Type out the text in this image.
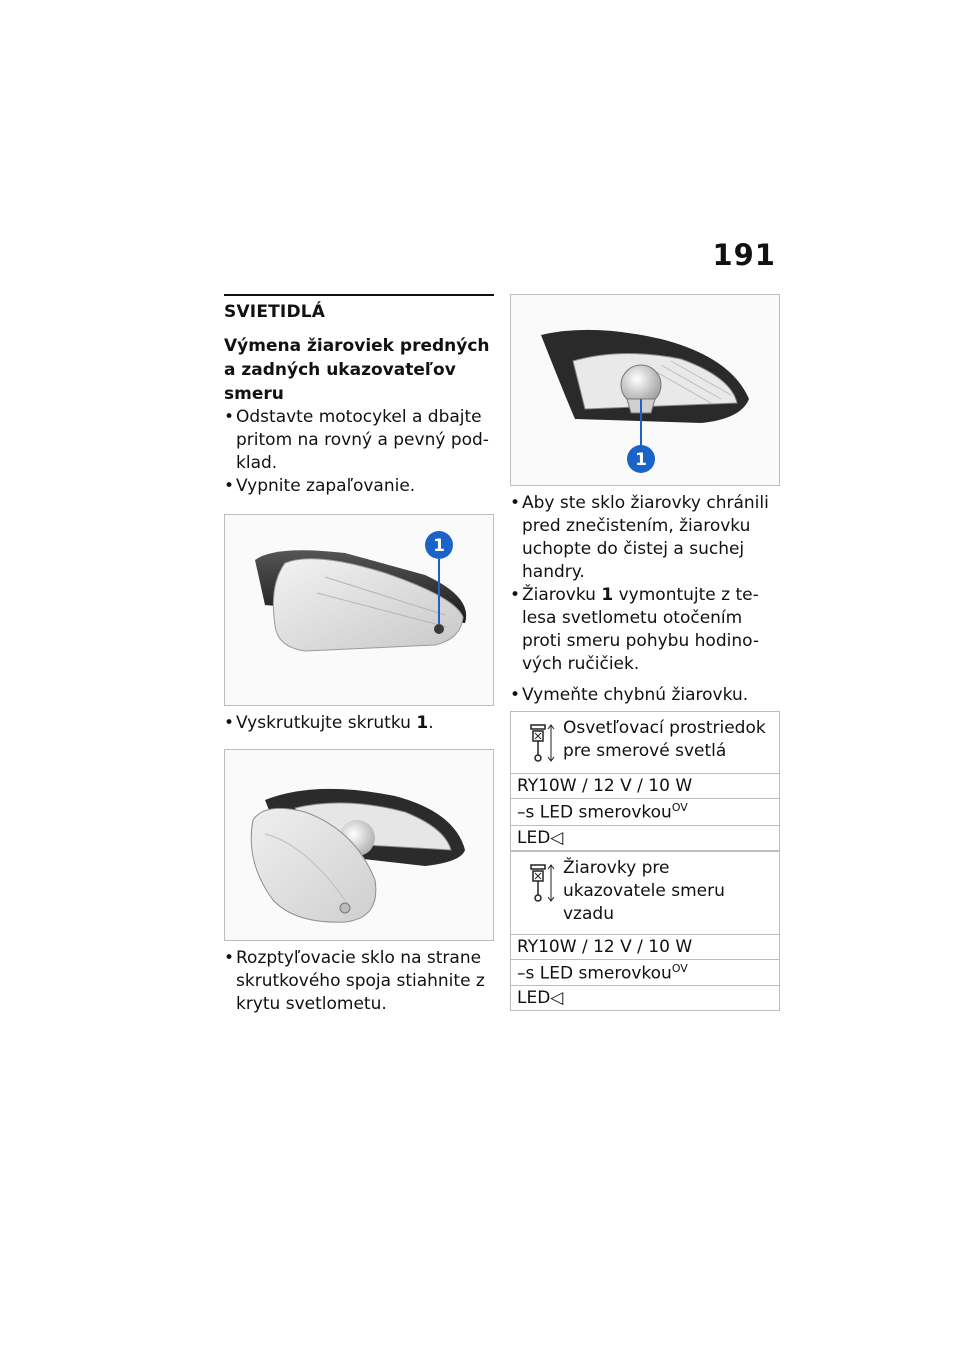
191
SVIETIDLÁ
Výmena žiaroviek predných a zadných ukazovateľov smeru
• Odstavte motocykel a dbajte pritom na rovný a pevný pod-klad.
• Vypnite zapaľovanie.
1
• Vyskrutkujte skrutku 1.
• Rozptyľovacie sklo na strane skrutkového spoja stiahnite z krytu svetlometu.
1
• Aby ste sklo žiarovky chránili pred znečistením, žiarovku uchopte do čistej a suchej handry.
• Žiarovku 1 vymontujte z te-lesa svetlometu otočením proti smeru pohybu hodino-vých ručičiek.
• Vymeňte chybnú žiarovku.
Osvetľovací prostriedok pre smerové svetlá

RY10W / 12 V / 10 W
–s LED smerovkou$^{OV}$
LED◁
Žiarovky pre ukazovatele smeru vzadu

RY10W / 12 V / 10 W
–s LED smerovkou$^{OV}$
LED◁
